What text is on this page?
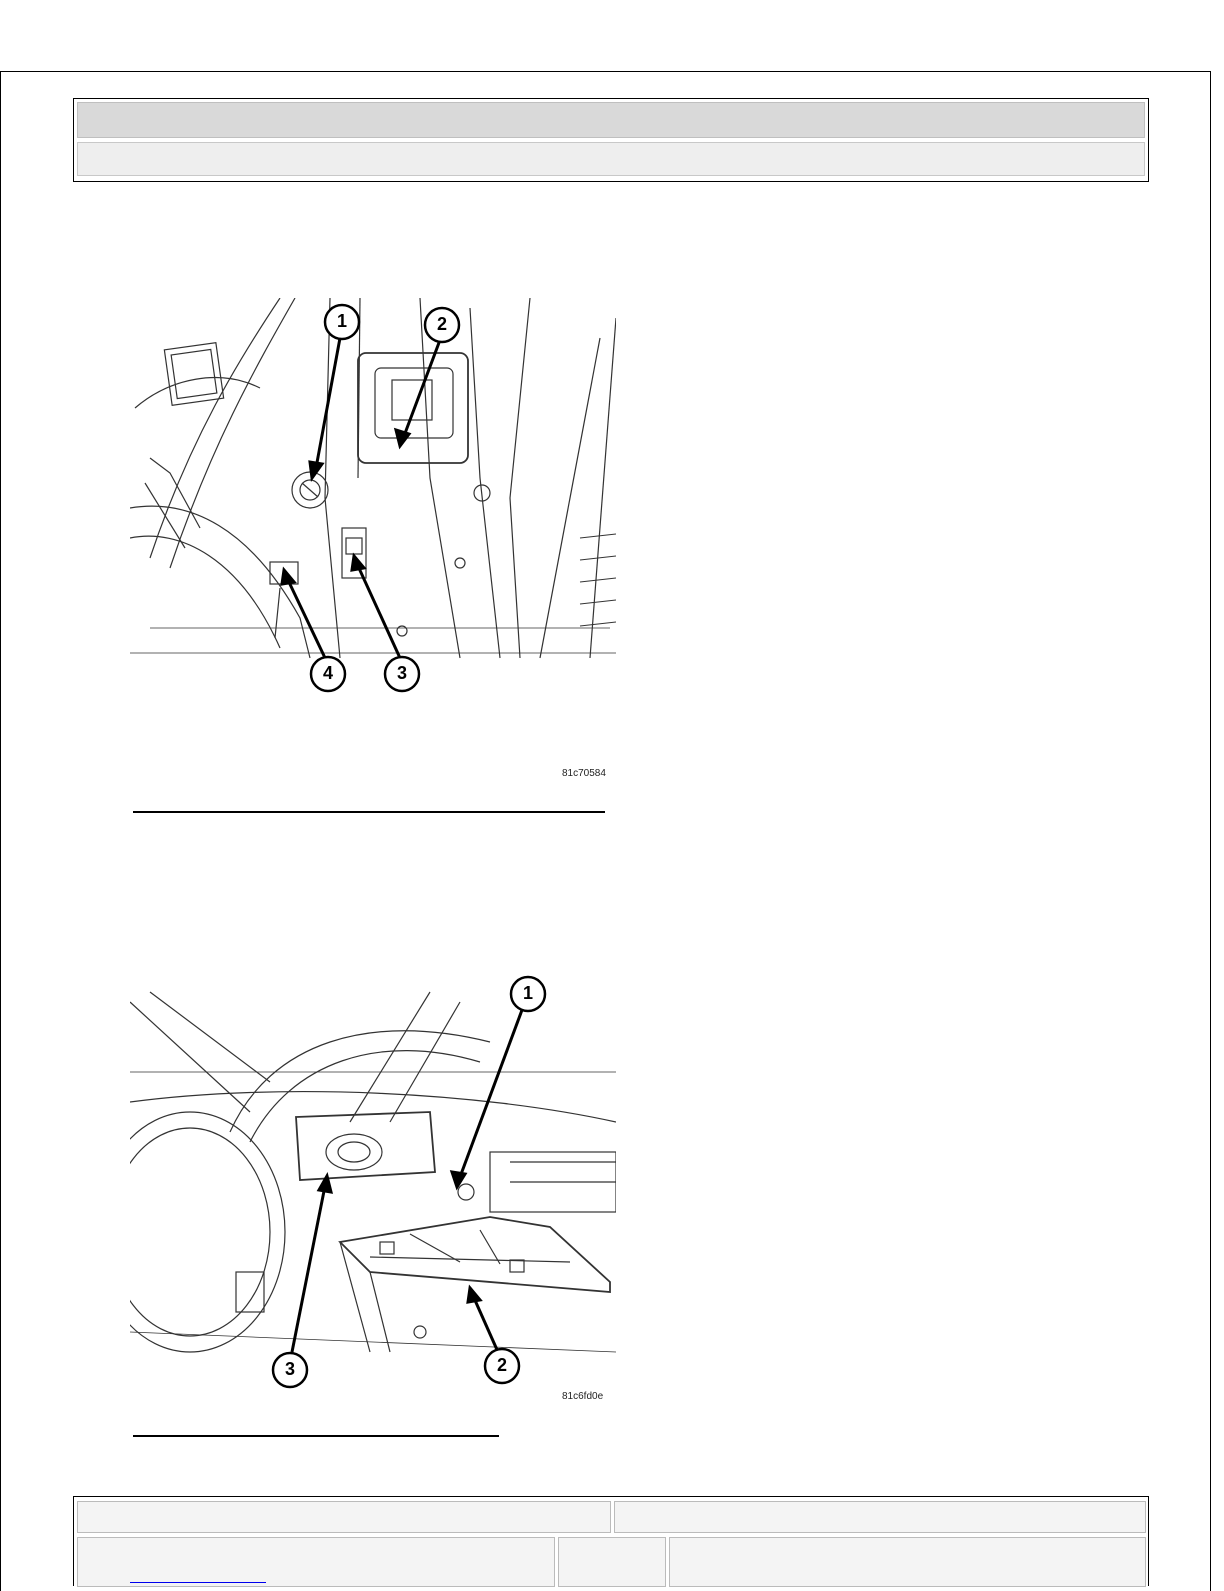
1	2
3
4
81c70584
1
2
3
81c6fd0e
